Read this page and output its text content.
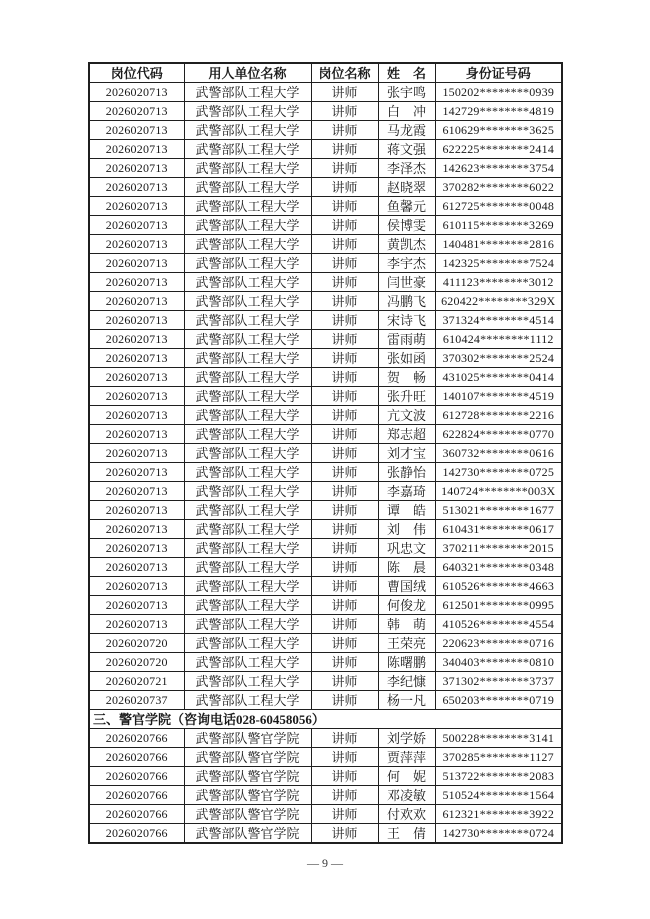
岗位代码	用人单位名称	岗位名称	姓　名	身份证号码
2026020713	武警部队工程大学	讲师	张宇鸣	150202********0939
2026020713	武警部队工程大学	讲师	白　冲	142729********4819
2026020713	武警部队工程大学	讲师	马龙霞	610629********3625
2026020713	武警部队工程大学	讲师	蒋文强	622225********2414
2026020713	武警部队工程大学	讲师	李泽杰	142623********3754
2026020713	武警部队工程大学	讲师	赵晓翠	370282********6022
2026020713	武警部队工程大学	讲师	鱼馨元	612725********0048
2026020713	武警部队工程大学	讲师	侯博雯	610115********3269
2026020713	武警部队工程大学	讲师	黄凯杰	140481********2816
2026020713	武警部队工程大学	讲师	李宇杰	142325********7524
2026020713	武警部队工程大学	讲师	闫世豪	411123********3012
2026020713	武警部队工程大学	讲师	冯鹏飞	620422********329X
2026020713	武警部队工程大学	讲师	宋诗飞	371324********4514
2026020713	武警部队工程大学	讲师	雷雨萌	610424********1112
2026020713	武警部队工程大学	讲师	张如函	370302********2524
2026020713	武警部队工程大学	讲师	贺　畅	431025********0414
2026020713	武警部队工程大学	讲师	张升旺	140107********4519
2026020713	武警部队工程大学	讲师	亢文波	612728********2216
2026020713	武警部队工程大学	讲师	郑志超	622824********0770
2026020713	武警部队工程大学	讲师	刘才宝	360732********0616
2026020713	武警部队工程大学	讲师	张静怡	142730********0725
2026020713	武警部队工程大学	讲师	李嘉琦	140724********003X
2026020713	武警部队工程大学	讲师	谭　皓	513021********1677
2026020713	武警部队工程大学	讲师	刘　伟	610431********0617
2026020713	武警部队工程大学	讲师	巩忠文	370211********2015
2026020713	武警部队工程大学	讲师	陈　晨	640321********0348
2026020713	武警部队工程大学	讲师	曹国绒	610526********4663
2026020713	武警部队工程大学	讲师	何俊龙	612501********0995
2026020713	武警部队工程大学	讲师	韩　萌	410526********4554
2026020720	武警部队工程大学	讲师	王荣亮	220623********0716
2026020720	武警部队工程大学	讲师	陈曙鹏	340403********0810
2026020721	武警部队工程大学	讲师	李纪慷	371302********3737
2026020737	武警部队工程大学	讲师	杨一凡	650203********0719
三、警官学院（咨询电话028-60458056）				
2026020766	武警部队警官学院	讲师	刘学娇	500228********3141
2026020766	武警部队警官学院	讲师	贾萍萍	370285********1127
2026020766	武警部队警官学院	讲师	何　妮	513722********2083
2026020766	武警部队警官学院	讲师	邓凌敏	510524********1564
2026020766	武警部队警官学院	讲师	付欢欢	612321********3922
2026020766	武警部队警官学院	讲师	王　倩	142730********0724
— 9 —
